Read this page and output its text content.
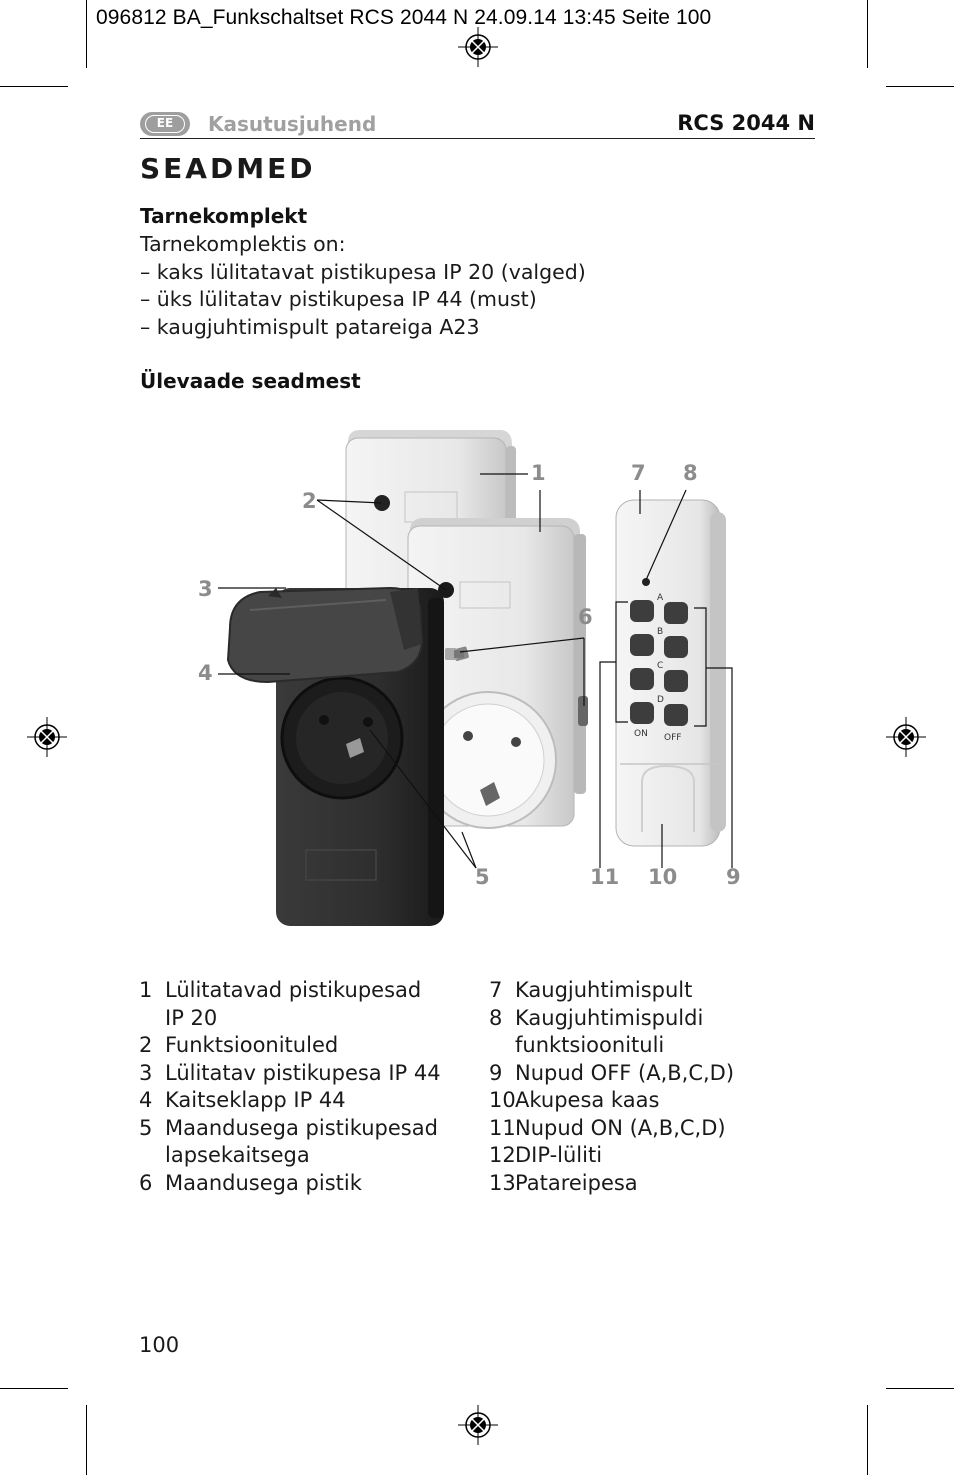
096812 BA_Funkschaltset RCS 2044 N 24.09.14 13:45 Seite 100
EE	Kasutusjuhend	RCS 2044 N
SEADMED
Tarnekomplekt
Tarnekomplektis on:
– kaks lülitatavat pistikupesa IP 20 (valged)
– üks lülitatav pistikupesa IP 44 (must)
– kaugjuhtimispult patareiga A23
Ülevaade seadmest
A
B
C
D
ON OFF
1
2
3
4
5
6
7 8
9
10
11
1 Lülitatavad pistikupesad
IP 20
2 Funktsioonituled
3 Lülitatav pistikupesa IP 44
4 Kaitseklapp IP 44
5 Maandusega pistikupesad
lapsekaitsega
6 Maandusega pistik
7 Kaugjuhtimispult
8 Kaugjuhtimispuldi
funktsioonituli
9 Nupud OFF (A,B,C,D)
10 Akupesa kaas
11 Nupud ON (A,B,C,D)
12 DIP-lüliti
13 Patareipesa
100
